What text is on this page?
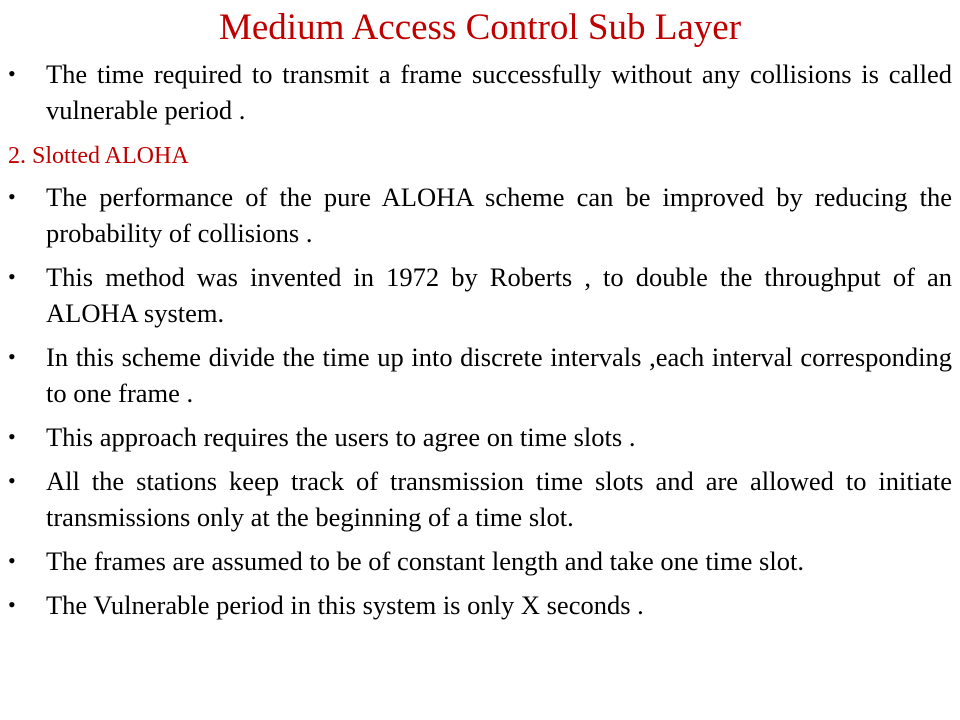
Medium Access Control Sub Layer
• The time required to transmit a frame successfully without any collisions is called vulnerable period .
2. Slotted ALOHA
• The performance of the pure ALOHA scheme can be improved by reducing the probability of collisions .
• This method was invented in 1972 by Roberts , to double the throughput of an ALOHA system.
• In this scheme divide the time up into discrete intervals ,each interval corresponding to one frame .
• This approach requires the users to agree on time slots .
• All the stations keep track of transmission time slots and are allowed to initiate transmissions only at the beginning of a time slot.
• The frames are assumed to be of constant length and take one time slot.
• The Vulnerable period in this system is only X seconds .
